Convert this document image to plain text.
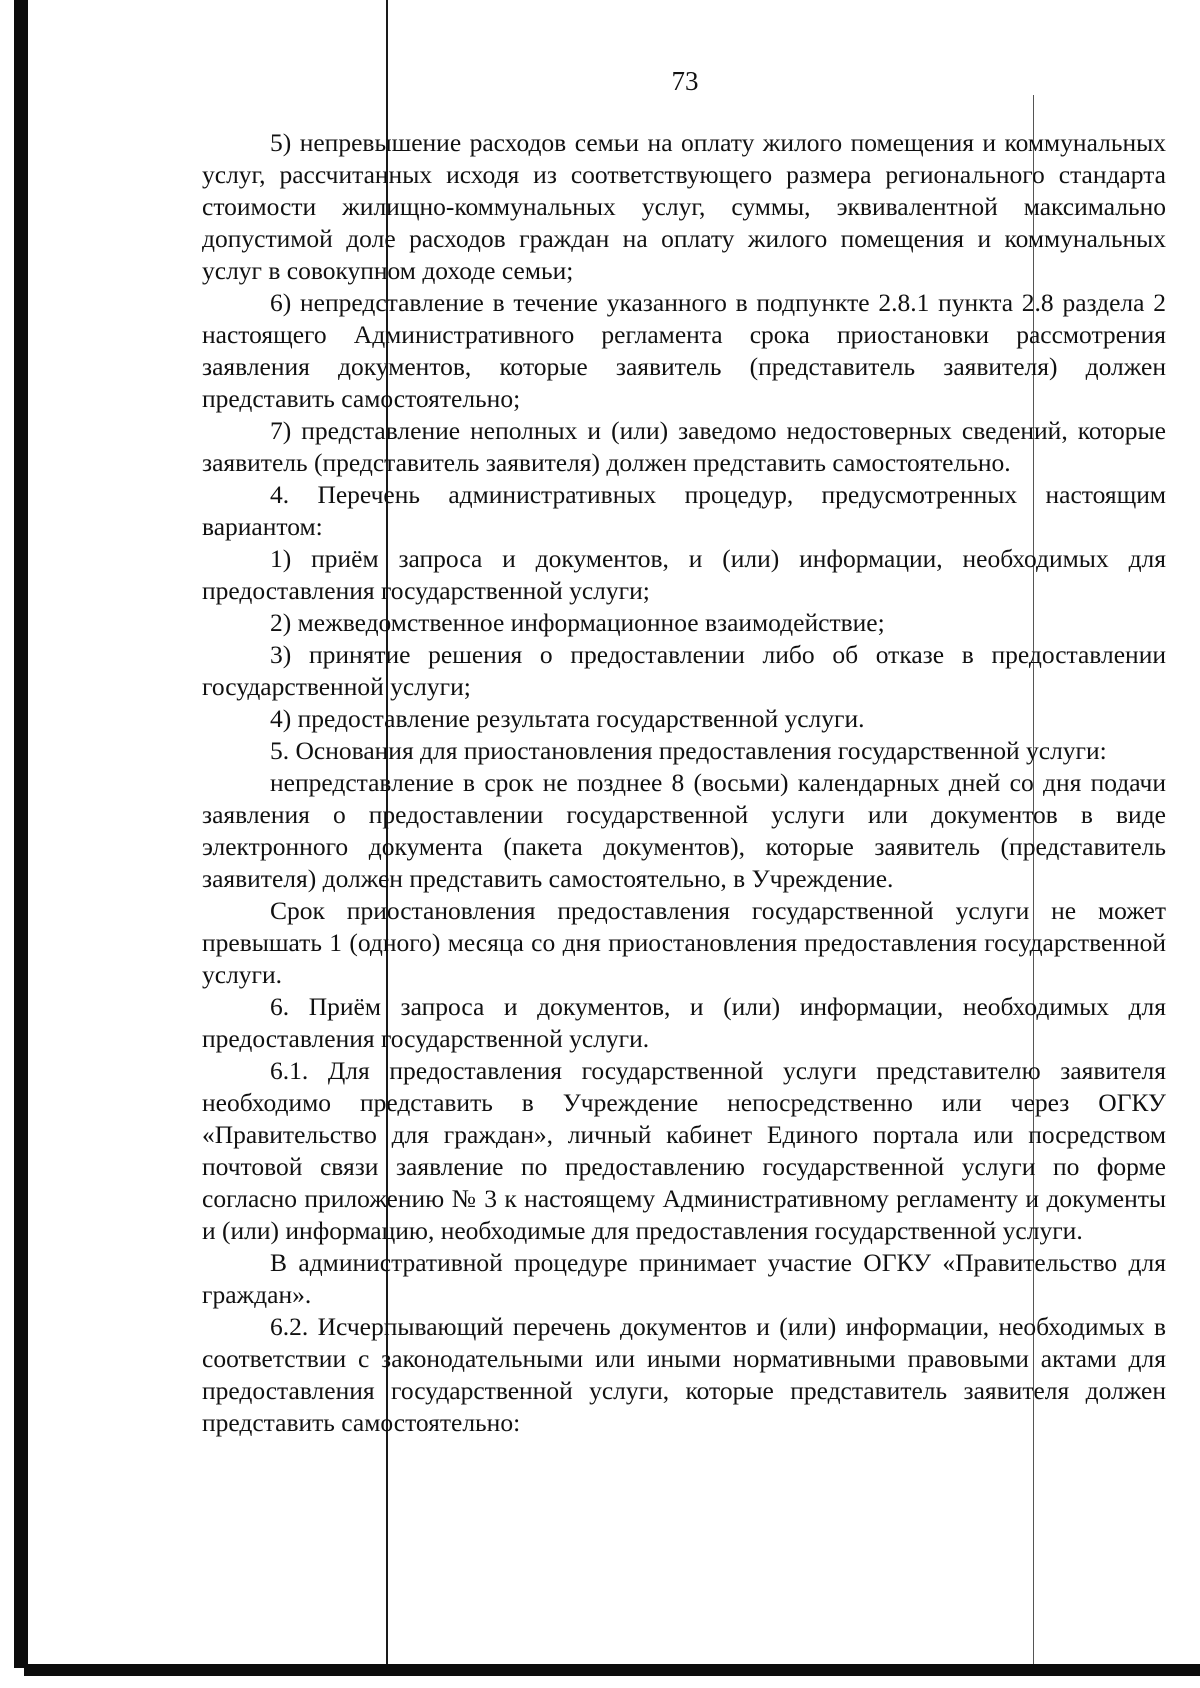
73

5) непревышение расходов семьи на оплату жилого помещения и коммунальных услуг, рассчитанных исходя из соответствующего размера регионального стандарта стоимости жилищно-коммунальных услуг, суммы, эквивалентной максимально допустимой доле расходов граждан на оплату жилого помещения и коммунальных услуг в совокупном доходе семьи;

6) непредставление в течение указанного в подпункте 2.8.1 пункта 2.8 раздела 2 настоящего Административного регламента срока приостановки рассмотрения заявления документов, которые заявитель (представитель заявителя) должен представить самостоятельно;

7) представление неполных и (или) заведомо недостоверных сведений, которые заявитель (представитель заявителя) должен представить самостоятельно.

4. Перечень административных процедур, предусмотренных настоящим вариантом:

1) приём запроса и документов, и (или) информации, необходимых для предоставления государственной услуги;

2) межведомственное информационное взаимодействие;

3) принятие решения о предоставлении либо об отказе в предоставлении государственной услуги;

4) предоставление результата государственной услуги.

5. Основания для приостановления предоставления государственной услуги:

непредставление в срок не позднее 8 (восьми) календарных дней со дня подачи заявления о предоставлении государственной услуги или документов в виде электронного документа (пакета документов), которые заявитель (представитель заявителя) должен представить самостоятельно, в Учреждение.

Срок приостановления предоставления государственной услуги не может превышать 1 (одного) месяца со дня приостановления предоставления государственной услуги.

6. Приём запроса и документов, и (или) информации, необходимых для предоставления государственной услуги.

6.1. Для предоставления государственной услуги представителю заявителя необходимо представить в Учреждение непосредственно или через ОГКУ «Правительство для граждан», личный кабинет Единого портала или посредством почтовой связи заявление по предоставлению государственной услуги по форме согласно приложению № 3 к настоящему Административному регламенту и документы и (или) информацию, необходимые для предоставления государственной услуги.

В административной процедуре принимает участие ОГКУ «Правительство для граждан».

6.2. Исчерпывающий перечень документов и (или) информации, необходимых в соответствии с законодательными или иными нормативными правовыми актами для предоставления государственной услуги, которые представитель заявителя должен представить самостоятельно:
